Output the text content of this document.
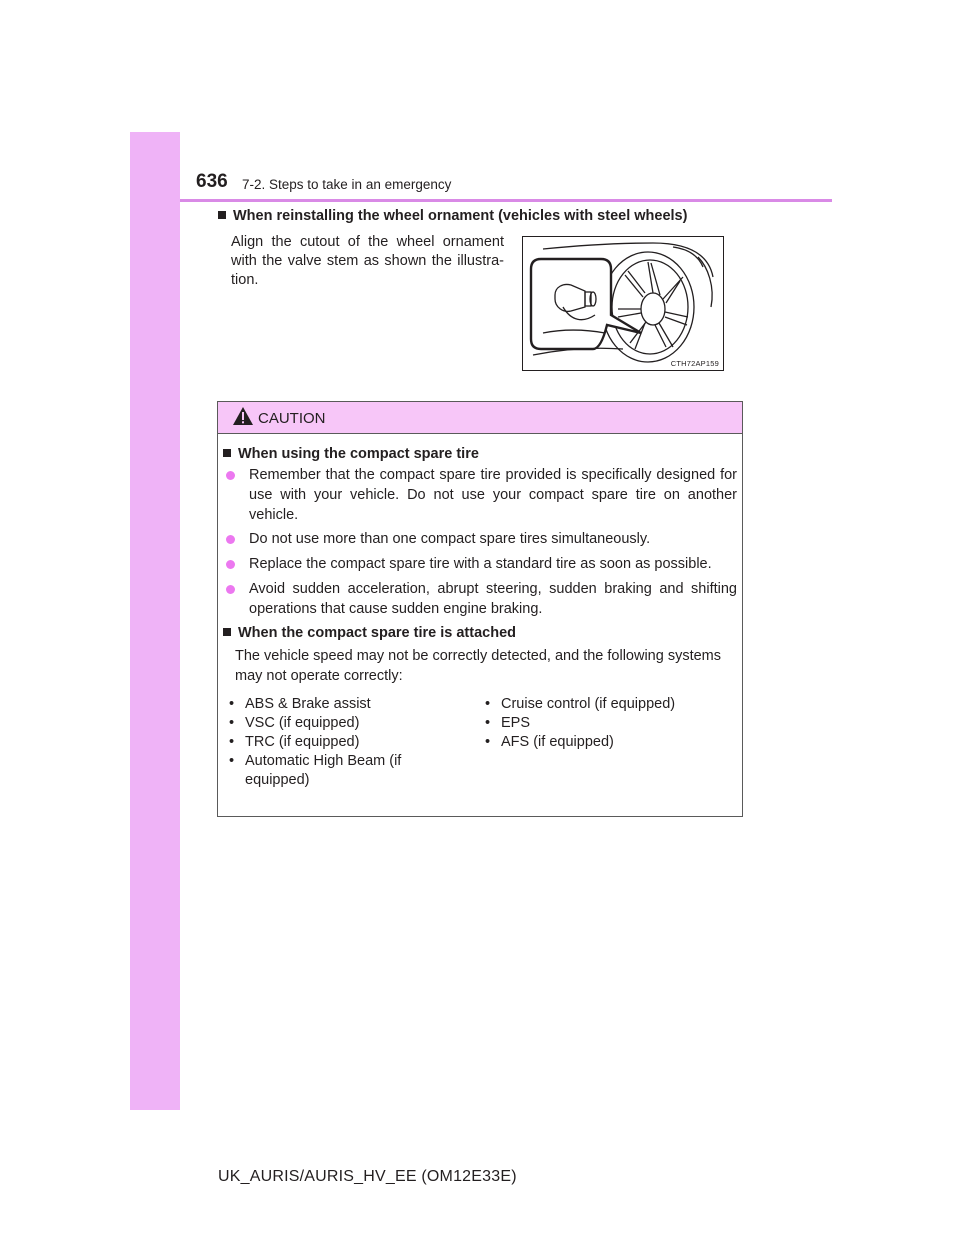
636 7-2. Steps to take in an emergency
When reinstalling the wheel ornament (vehicles with steel wheels)
Align the cutout of the wheel ornament with the valve stem as shown the illustra-tion.
CTH72AP159
CAUTION
When using the compact spare tire
Remember that the compact spare tire provided is specifically designed for use with your vehicle. Do not use your compact spare tire on another vehicle.
Do not use more than one compact spare tires simultaneously.
Replace the compact spare tire with a standard tire as soon as possible.
Avoid sudden acceleration, abrupt steering, sudden braking and shifting operations that cause sudden engine braking.
When the compact spare tire is attached
The vehicle speed may not be correctly detected, and the following systems may not operate correctly:
• ABS & Brake assist
• VSC (if equipped)
• TRC (if equipped)
• Automatic High Beam (if equipped)
• Cruise control (if equipped)
• EPS
• AFS (if equipped)
UK_AURIS/AURIS_HV_EE (OM12E33E)
